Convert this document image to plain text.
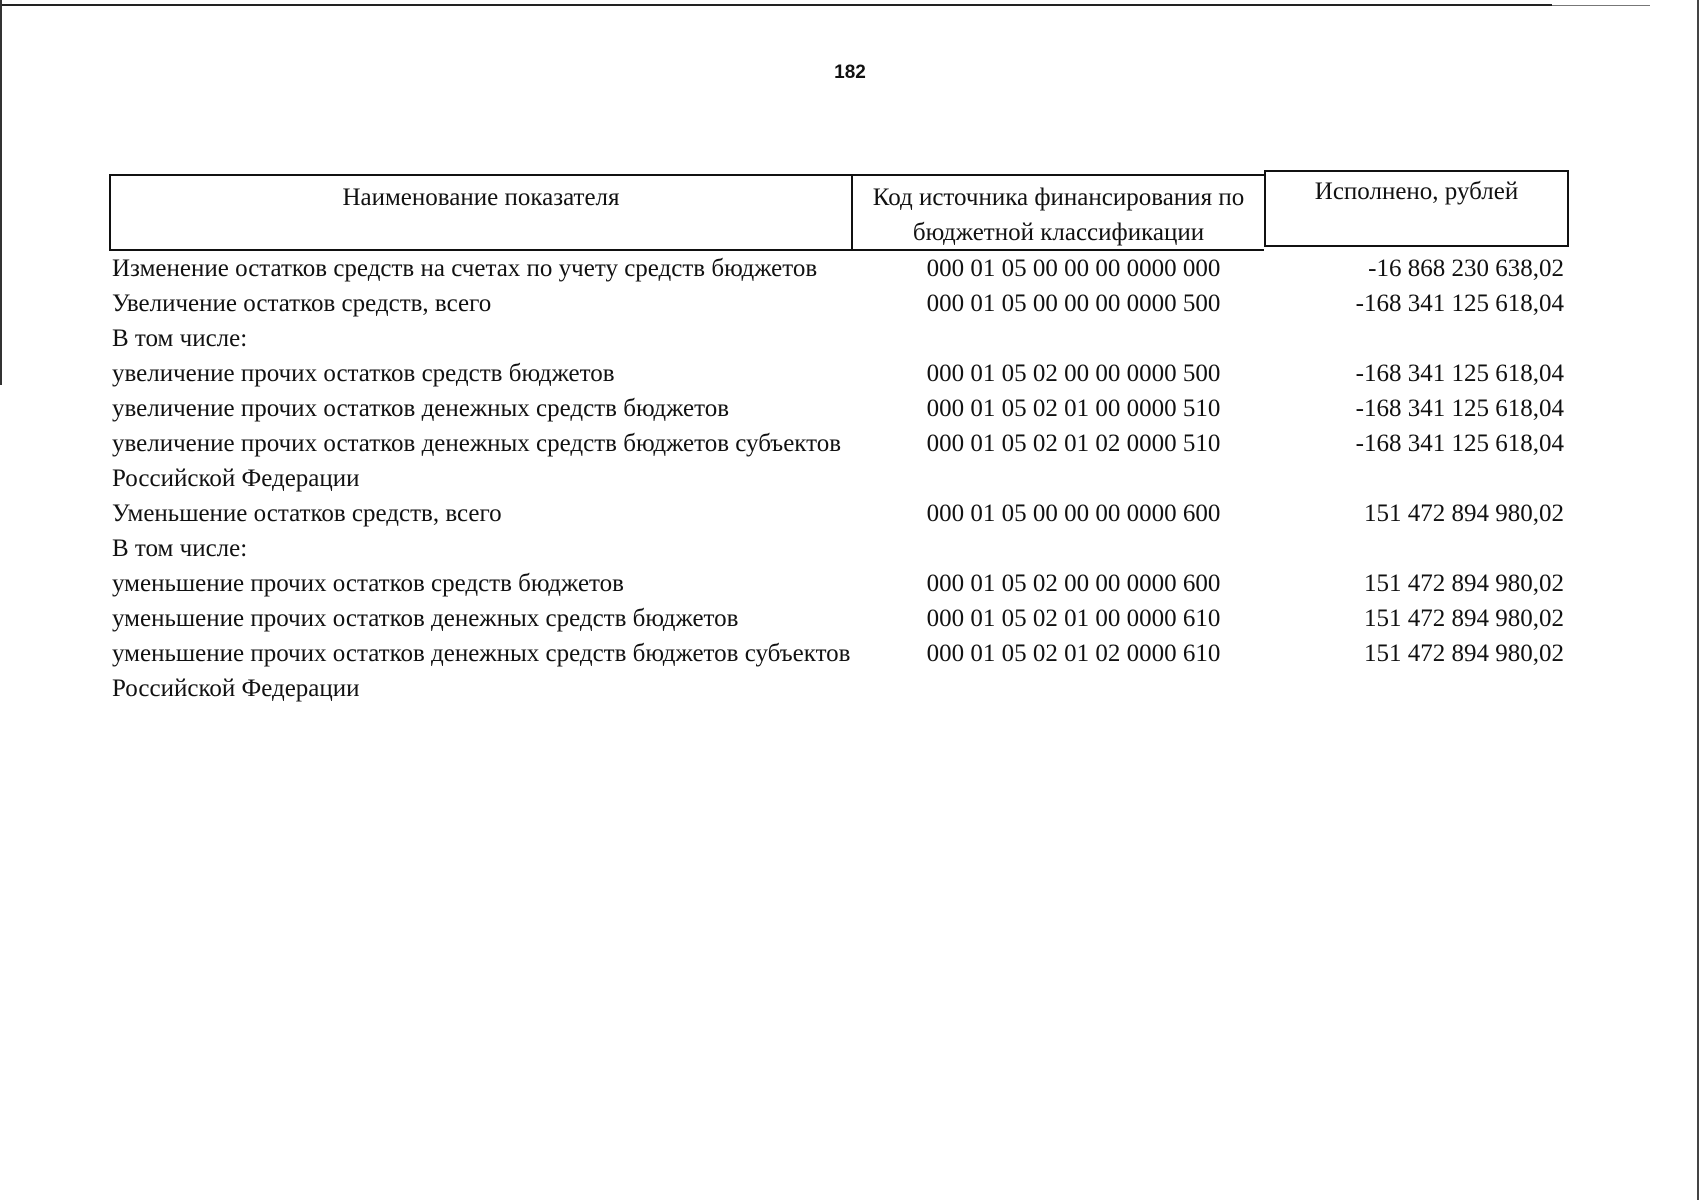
182
Наименование показателя	Код источника финансирования по бюджетной классификации
Исполнено, рублей
Изменение остатков средств на счетах по учету средств бюджетов	000 01 05 00 00 00 0000 000	-16 868 230 638,02
Увеличение остатков средств, всего	000 01 05 00 00 00 0000 500	-168 341 125 618,04
В том числе:
увеличение прочих остатков средств бюджетов	000 01 05 02 00 00 0000 500	-168 341 125 618,04
увеличение прочих остатков денежных средств бюджетов	000 01 05 02 01 00 0000 510	-168 341 125 618,04
увеличение прочих остатков денежных средств бюджетов субъектов Российской Федерации
000 01 05 02 01 02 0000 510	-168 341 125 618,04
Уменьшение остатков средств, всего	000 01 05 00 00 00 0000 600	151 472 894 980,02
В том числе:
уменьшение прочих остатков средств бюджетов	000 01 05 02 00 00 0000 600	151 472 894 980,02
уменьшение прочих остатков денежных средств бюджетов	000 01 05 02 01 00 0000 610	151 472 894 980,02
уменьшение прочих остатков денежных средств бюджетов субъектов Российской Федерации
000 01 05 02 01 02 0000 610	151 472 894 980,02
